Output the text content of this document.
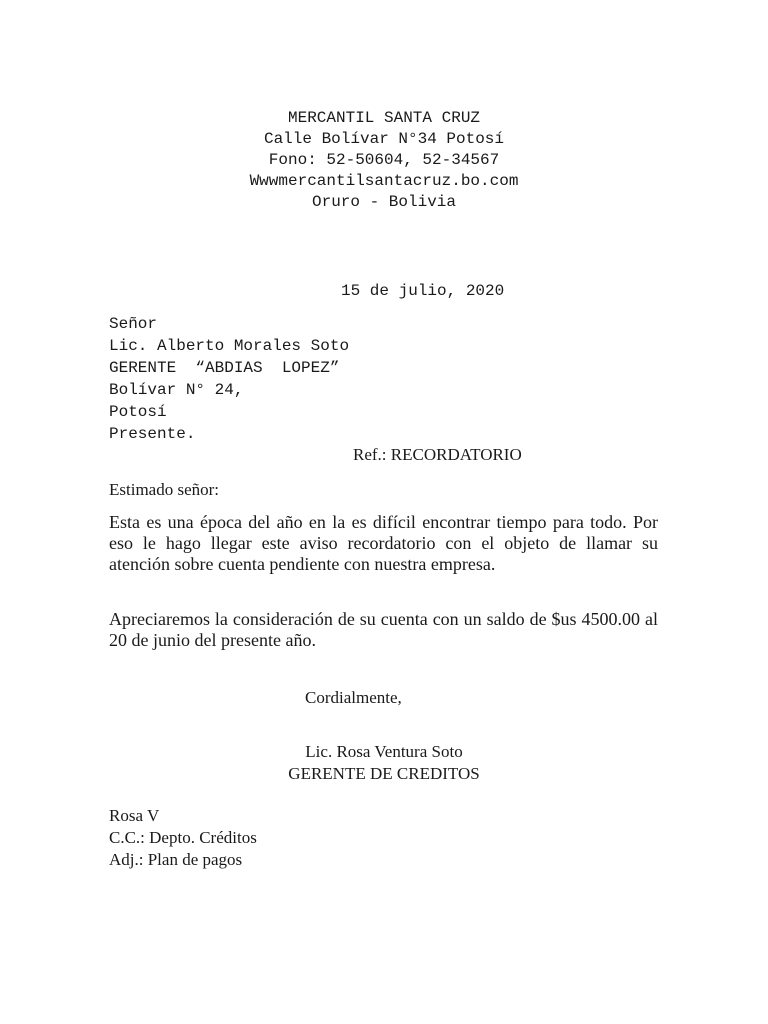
MERCANTIL SANTA CRUZ
Calle Bolívar N°34 Potosí
Fono: 52-50604, 52-34567
Wwwmercantilsantacruz.bo.com
Oruro - Bolivia
15 de julio, 2020
Señor
Lic. Alberto Morales Soto
GERENTE  “ABDIAS  LOPEZ”
Bolívar N° 24,
Potosí
Presente.
Ref.: RECORDATORIO
Estimado señor:
Esta es una época del año en la es difícil encontrar tiempo para todo. Por eso le hago llegar este aviso recordatorio con el objeto de llamar su atención sobre cuenta pendiente con nuestra empresa.
Apreciaremos la consideración de su cuenta con un saldo de $us 4500.00 al 20 de junio del presente año.
Cordialmente,
Lic. Rosa Ventura Soto
GERENTE DE CREDITOS
Rosa V
C.C.: Depto. Créditos
Adj.: Plan de pagos
